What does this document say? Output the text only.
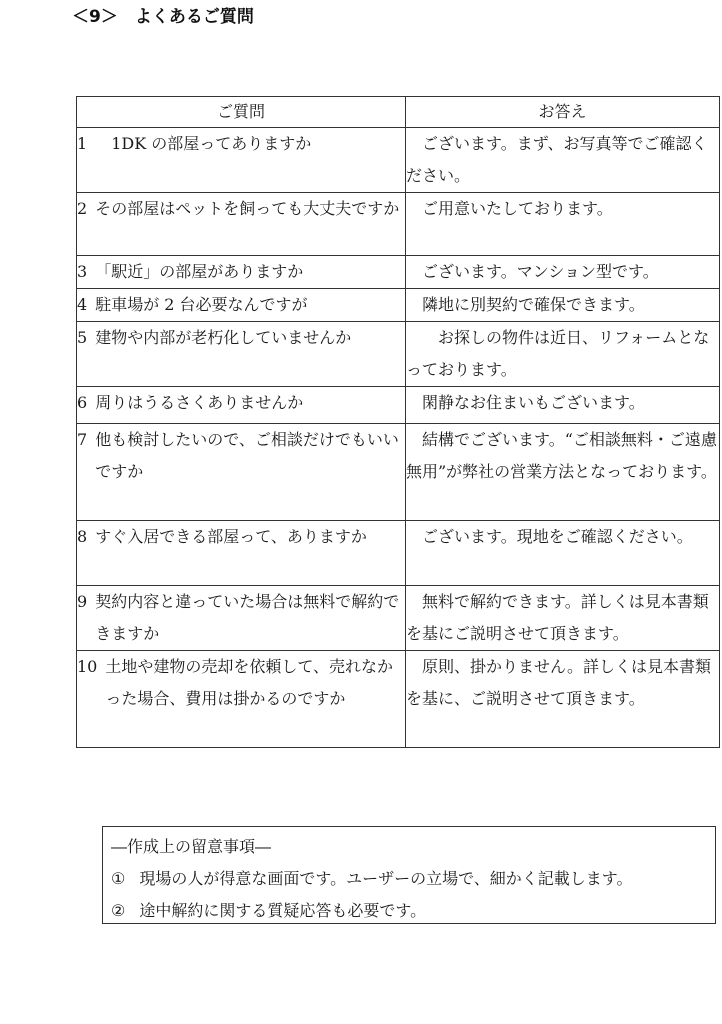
＜9＞　よくあるご質問
ご質問	お答え

1 　1DK の部屋ってありますか	　ございます。まず、お写真等でご確認ください。

2 その部屋はペットを飼っても大丈夫ですか	　ご用意いたしております。

3 「駅近」の部屋がありますか	　ございます。マンション型です。

4 駐車場が 2 台必要なんですが	　隣地に別契約で確保できます。

5 建物や内部が老朽化していませんか	　　お探しの物件は近日、リフォームとなっております。

6 周りはうるさくありませんか	　閑静なお住まいもございます。

7 他も検討したいので、ご相談だけでもいいですか	　結構でございます。“ご相談無料・ご遠慮無用”が弊社の営業方法となっております。

8 すぐ入居できる部屋って、ありますか	　ございます。現地をご確認ください。

9 契約内容と違っていた場合は無料で解約できますか	　無料で解約できます。詳しくは見本書類を基にご説明させて頂きます。

10 土地や建物の売却を依頼して、売れなかった場合、費用は掛かるのですか	　原則、掛かりません。詳しくは見本書類を基に、ご説明させて頂きます。
―作成上の留意事項―
① 現場の人が得意な画面です。ユーザーの立場で、細かく記載します。
② 途中解約に関する質疑応答も必要です。
